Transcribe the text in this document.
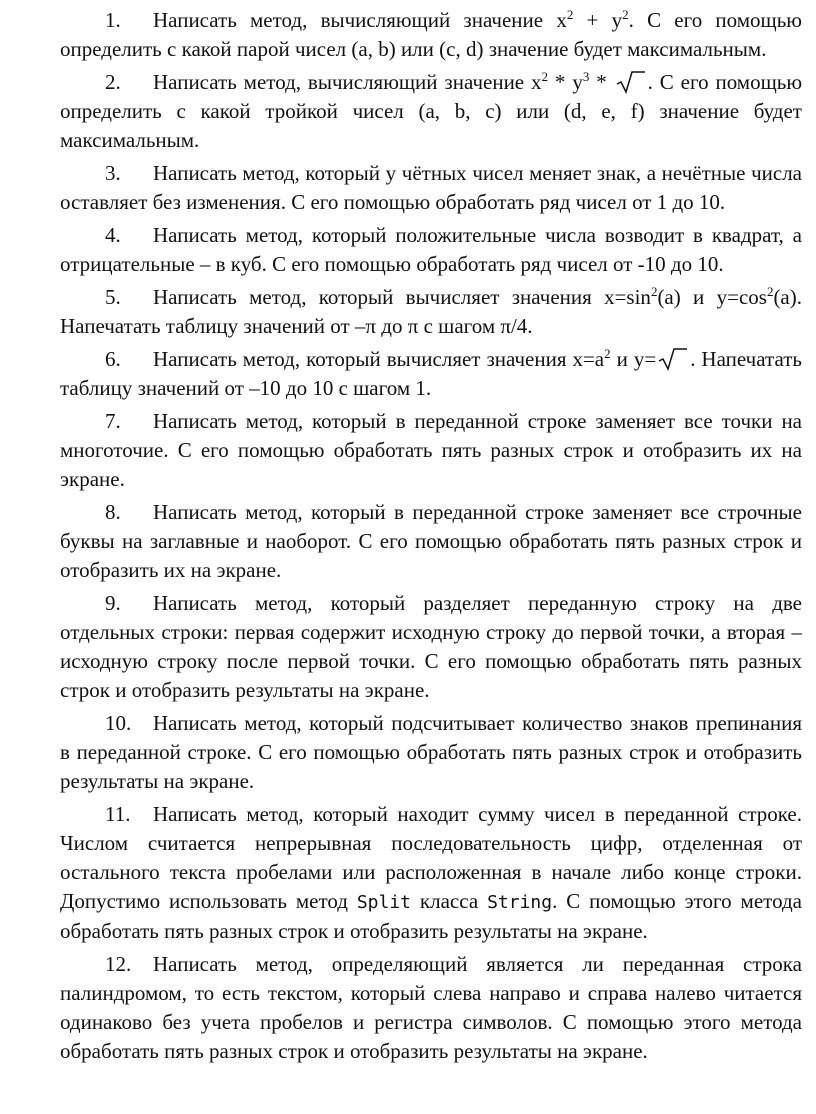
1. Написать метод, вычисляющий значение $x^2 + y^2$. С его помощью определить с какой парой чисел (a, b) или (c, d) значение будет максимальным.

2. Написать метод, вычисляющий значение $x^2 * y^3$ *
. С его помощью определить с какой тройкой чисел (a, b, c) или (d, e, f) значение будет максимальным.

3. Написать метод, который у чётных чисел меняет знак, а нечётные числа оставляет без изменения. С его помощью обработать ряд чисел от 1 до 10.

4. Написать метод, который положительные числа возводит в квадрат, а отрицательные – в куб. С его помощью обработать ряд чисел от -10 до 10.

5. Написать метод, который вычисляет значения $x=\sin^2(a)$ и $y=\cos^2(a)$. Напечатать таблицу значений от –π до π с шагом π/4.

6. Написать метод, который вычисляет значения $x=a^2$ и y= . Напечатать таблицу значений от –10 до 10 с шагом 1.

7. Написать метод, который в переданной строке заменяет все точки на многоточие. С его помощью обработать пять разных строк и отобразить их на экране.

8. Написать метод, который в переданной строке заменяет все строчные буквы на заглавные и наоборот. С его помощью обработать пять разных строк и отобразить их на экране.

9. Написать метод, который разделяет переданную строку на две отдельных строки: первая содержит исходную строку до первой точки, а вторая – исходную строку после первой точки. С его помощью обработать пять разных строк и отобразить результаты на экране.

10. Написать метод, который подсчитывает количество знаков препинания в переданной строке. С его помощью обработать пять разных строк и отобразить результаты на экране.

11. Написать метод, который находит сумму чисел в переданной строке. Числом считается непрерывная последовательность цифр, отделенная от остального текста пробелами или расположенная в начале либо конце строки. Допустимо использовать метод Split класса String. С помощью этого метода обработать пять разных строк и отобразить результаты на экране.

12. Написать метод, определяющий является ли переданная строка палиндромом, то есть текстом, который слева направо и справа налево читается одинаково без учета пробелов и регистра символов. С помощью этого метода обработать пять разных строк и отобразить результаты на экране.
